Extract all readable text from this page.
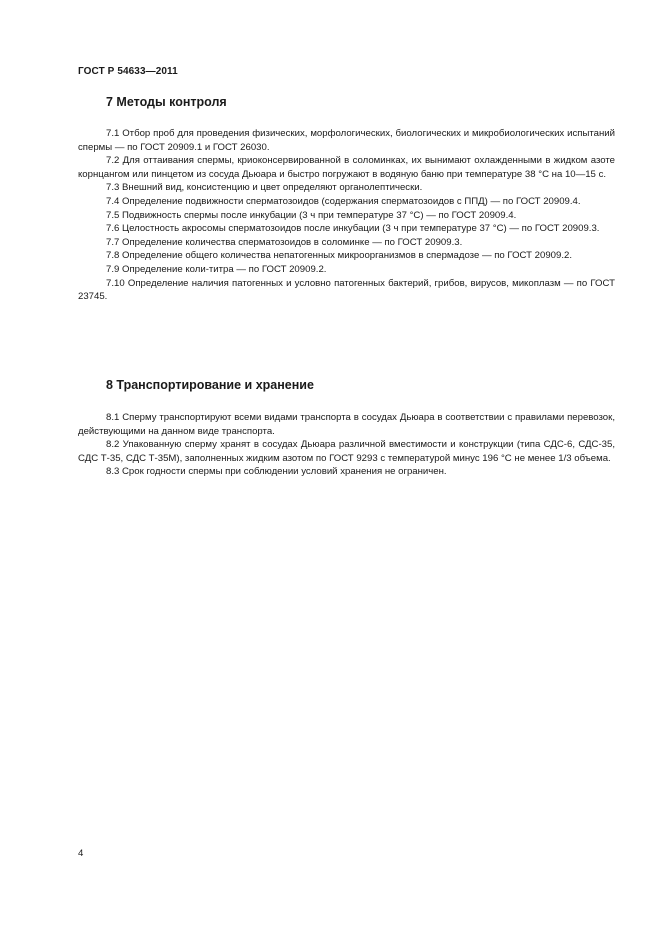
ГОСТ Р 54633—2011
7 Методы контроля

7.1 Отбор проб для проведения физических, морфологических, биологических и микробиологических испытаний спермы — по ГОСТ 20909.1 и ГОСТ 26030.

7.2 Для оттаивания спермы, криоконсервированной в соломинках, их вынимают охлажденными в жидком азоте корнцангом или пинцетом из сосуда Дьюара и быстро погружают в водяную баню при температуре 38 °С на 10—15 с.

7.3 Внешний вид, консистенцию и цвет определяют органолептически.

7.4 Определение подвижности сперматозоидов (содержания сперматозоидов с ППД) — по ГОСТ 20909.4.

7.5 Подвижность спермы после инкубации (3 ч при температуре 37 °С) — по ГОСТ 20909.4.

7.6 Целостность акросомы сперматозоидов после инкубации (3 ч при температуре 37 °С) — по ГОСТ 20909.3.

7.7 Определение количества сперматозоидов в соломинке — по ГОСТ 20909.3.

7.8 Определение общего количества непатогенных микроорганизмов в спермадозе — по ГОСТ 20909.2.

7.9 Определение коли-титра — по ГОСТ 20909.2.

7.10 Определение наличия патогенных и условно патогенных бактерий, грибов, вирусов, микоплазм — по ГОСТ 23745.

8 Транспортирование и хранение

8.1 Сперму транспортируют всеми видами транспорта в сосудах Дьюара в соответствии с правилами перевозок, действующими на данном виде транспорта.

8.2 Упакованную сперму хранят в сосудах Дьюара различной вместимости и конструкции (типа СДС-6, СДС-35, СДС Т-35, СДС Т-35М), заполненных жидким азотом по ГОСТ 9293 с температурой минус 196 °С не менее 1/3 объема.

8.3 Срок годности спермы при соблюдении условий хранения не ограничен.

4
